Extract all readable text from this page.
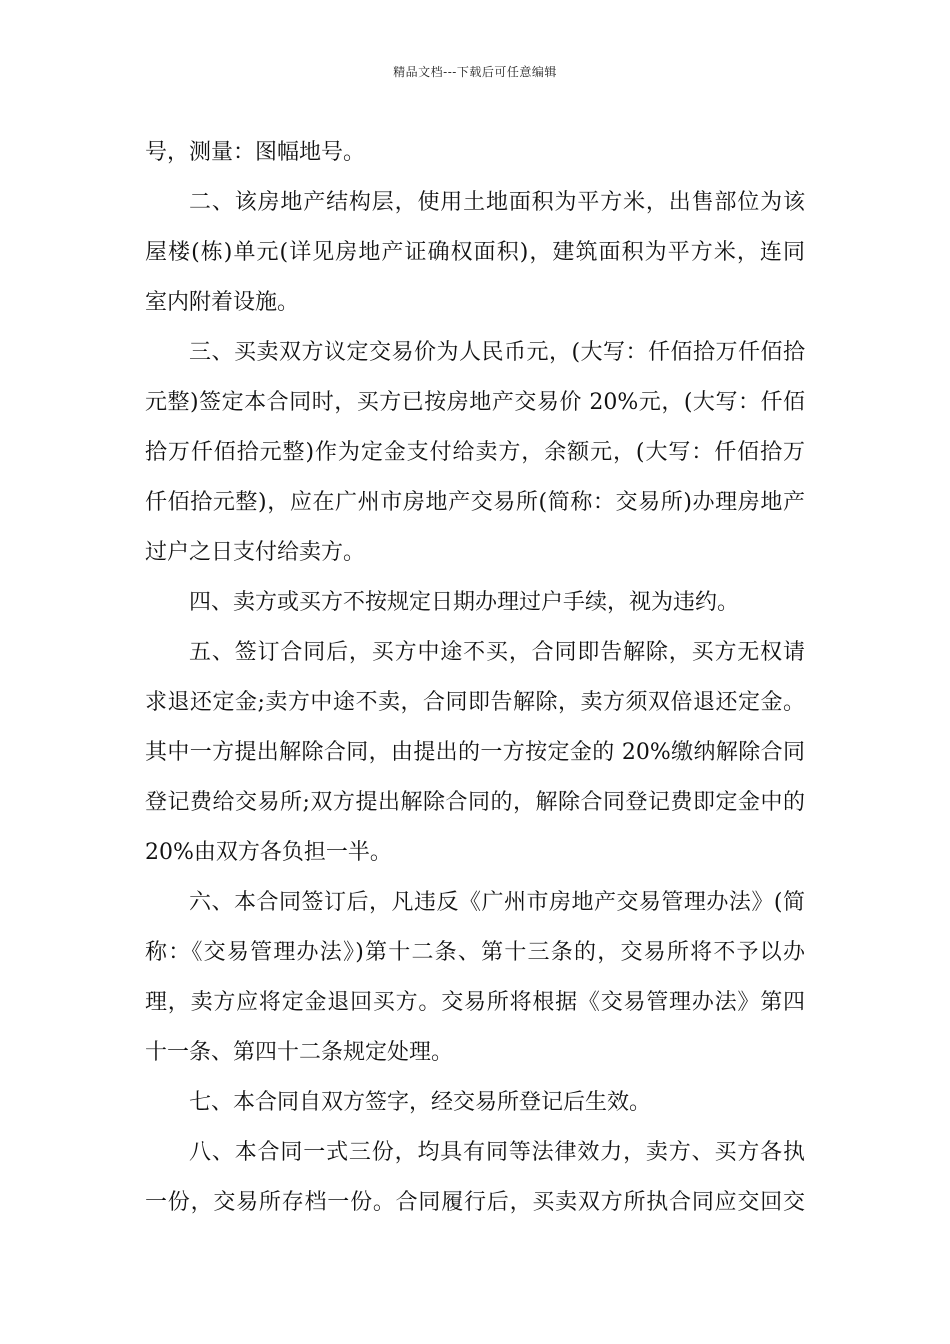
精品文档---下载后可任意编辑
号，测量：图幅地号。
二、该房地产结构层，使用土地面积为平方米，出售部位为该
屋楼(栋)单元(详见房地产证确权面积)，建筑面积为平方米，连同
室内附着设施。
三、买卖双方议定交易价为人民币元，(大写：仟佰拾万仟佰拾
元整)签定本合同时，买方已按房地产交易价 20%元，(大写：仟佰
拾万仟佰拾元整)作为定金支付给卖方，余额元，(大写：仟佰拾万
仟佰拾元整)，应在广州市房地产交易所(简称：交易所)办理房地产
过户之日支付给卖方。
四、卖方或买方不按规定日期办理过户手续，视为违约。
五、签订合同后，买方中途不买，合同即告解除，买方无权请
求退还定金;卖方中途不卖，合同即告解除，卖方须双倍退还定金。
其中一方提出解除合同，由提出的一方按定金的 20%缴纳解除合同
登记费给交易所;双方提出解除合同的，解除合同登记费即定金中的
20%由双方各负担一半。
六、本合同签订后，凡违反《广州市房地产交易管理办法》(简
称：《交易管理办法》)第十二条、第十三条的，交易所将不予以办
理，卖方应将定金退回买方。交易所将根据《交易管理办法》第四
十一条、第四十二条规定处理。
七、本合同自双方签字，经交易所登记后生效。
八、本合同一式三份，均具有同等法律效力，卖方、买方各执
一份，交易所存档一份。合同履行后，买卖双方所执合同应交回交
